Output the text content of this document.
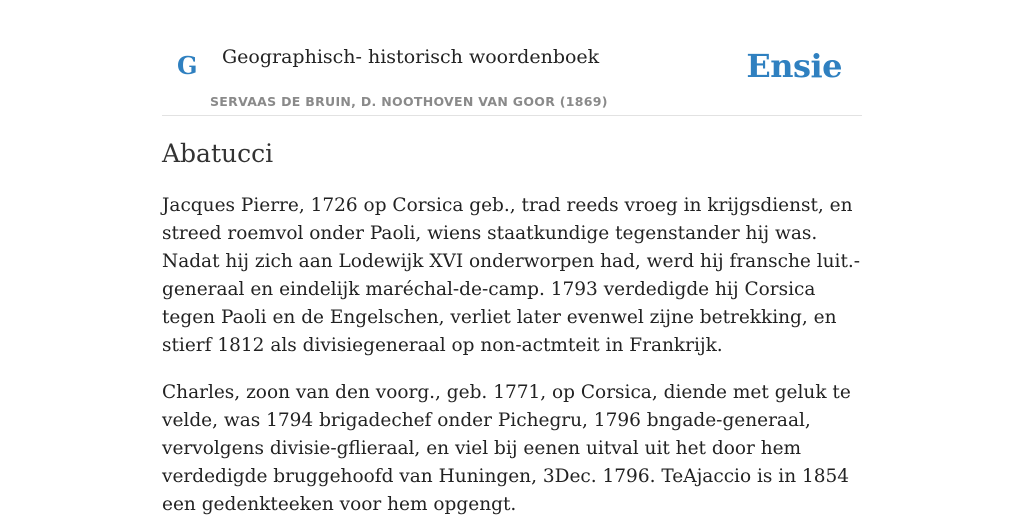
G Geographisch- historisch woordenboek
SERVAAS DE BRUIN, D. NOOTHOVEN VAN GOOR (1869)
Ensie
Abatucci

Jacques Pierre, 1726 op Corsica geb., trad reeds vroeg in krijgsdienst, en streed roemvol onder Paoli, wiens staatkundige tegenstander hij was. Nadat hij zich aan Lodewijk XVI onderworpen had, werd hij fransche luit.-generaal en eindelijk maréchal-de-camp. 1793 verdedigde hij Corsica tegen Paoli en de Engelschen, verliet later evenwel zijne betrekking, en stierf 1812 als divisiegeneraal op non-actmteit in Frankrijk.

Charles, zoon van den voorg., geb. 1771, op Corsica, diende met geluk te velde, was 1794 brigadechef onder Pichegru, 1796 bngade-generaal, vervolgens divisie-gflieraal, en viel bij eenen uitval uit het door hem verdedigde bruggehoofd van Huningen, 3Dec. 1796. TeAjaccio is in 1854 een gedenkteeken voor hem opgengt.
